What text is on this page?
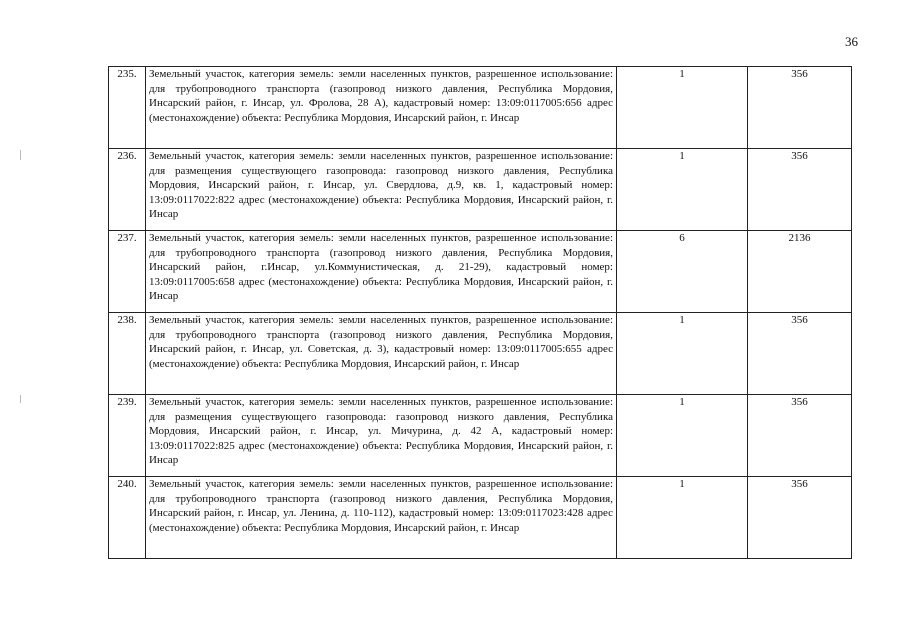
36
235.	Земельный участок, категория земель: земли населенных пунктов, разрешенное использование: для трубопроводного транспорта (газопровод низкого давления, Республика Мордовия, Инсарский район, г. Инсар, ул. Фролова, 28 А), кадастровый номер: 13:09:0117005:656 адрес (местонахождение) объекта: Республика Мордовия, Инсарский район, г. Инсар	1	356
236.	Земельный участок, категория земель: земли населенных пунктов, разрешенное использование: для размещения существующего газопровода: газопровод низкого давления, Республика Мордовия, Инсарский район, г. Инсар, ул. Свердлова, д.9, кв. 1, кадастровый номер: 13:09:0117022:822 адрес (местонахождение) объекта: Республика Мордовия, Инсарский район, г. Инсар	1	356
237.	Земельный участок, категория земель: земли населенных пунктов, разрешенное использование: для трубопроводного транспорта (газопровод низкого давления, Республика Мордовия, Инсарский район, г.Инсар, ул.Коммунистическая, д. 21-29), кадастровый номер: 13:09:0117005:658 адрес (местонахождение) объекта: Республика Мордовия, Инсарский район, г. Инсар	6	2136
238.	Земельный участок, категория земель: земли населенных пунктов, разрешенное использование: для трубопроводного транспорта (газопровод низкого давления, Республика Мордовия, Инсарский район, г. Инсар, ул. Советская, д. 3), кадастровый номер: 13:09:0117005:655 адрес (местонахождение) объекта: Республика Мордовия, Инсарский район, г. Инсар	1	356
239.	Земельный участок, категория земель: земли населенных пунктов, разрешенное использование: для размещения существующего газопровода: газопровод низкого давления, Республика Мордовия, Инсарский район, г. Инсар, ул. Мичурина, д. 42 А, кадастровый номер: 13:09:0117022:825 адрес (местонахождение) объекта: Республика Мордовия, Инсарский район, г. Инсар	1	356
240.	Земельный участок, категория земель: земли населенных пунктов, разрешенное использование: для трубопроводного транспорта (газопровод низкого давления, Республика Мордовия, Инсарский район, г. Инсар, ул. Ленина, д. 110-112), кадастровый номер: 13:09:0117023:428 адрес (местонахождение) объекта: Республика Мордовия, Инсарский район, г. Инсар	1	356
